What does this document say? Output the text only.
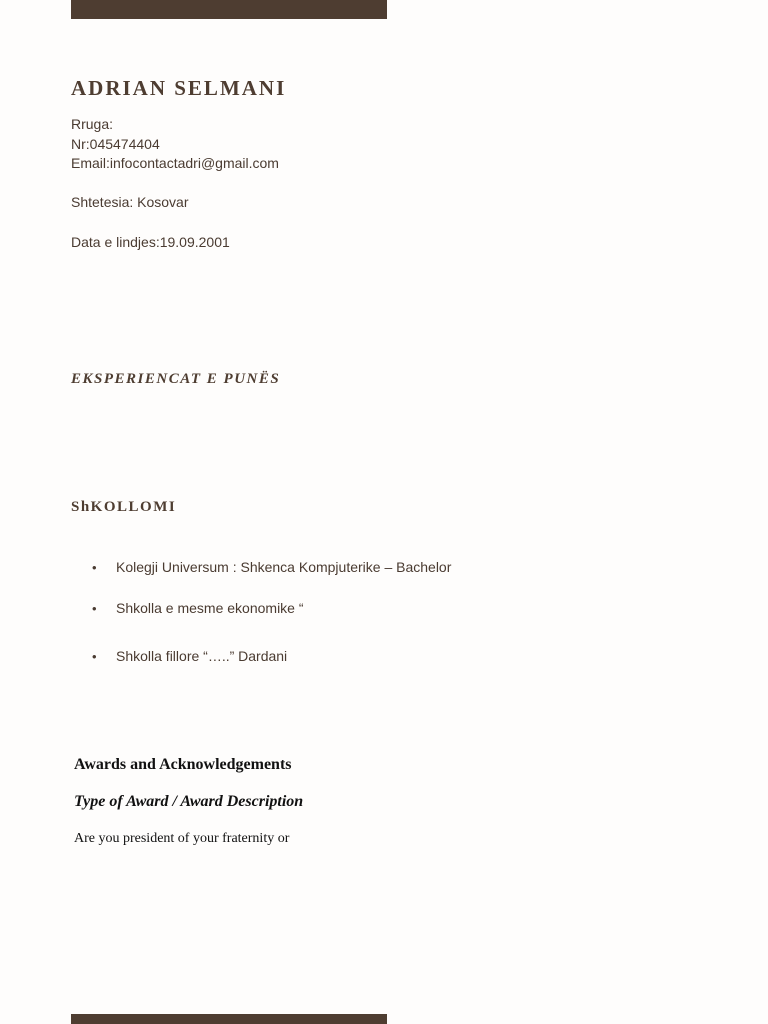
ADRIAN SELMANI
Rruga:
Nr:045474404
Email:infocontactadri@gmail.com
Shtetesia: Kosovar
Data e lindjes:19.09.2001
EKSPERIENCAT E PUNËS
ShKOLLOMI
• Kolegji Universum : Shkenca Kompjuterike – Bachelor
• Shkolla e mesme ekonomike “
• Shkolla fillore “…..” Dardani
Awards and Acknowledgements
Type of Award / Award Description

Are you president of your fraternity or
